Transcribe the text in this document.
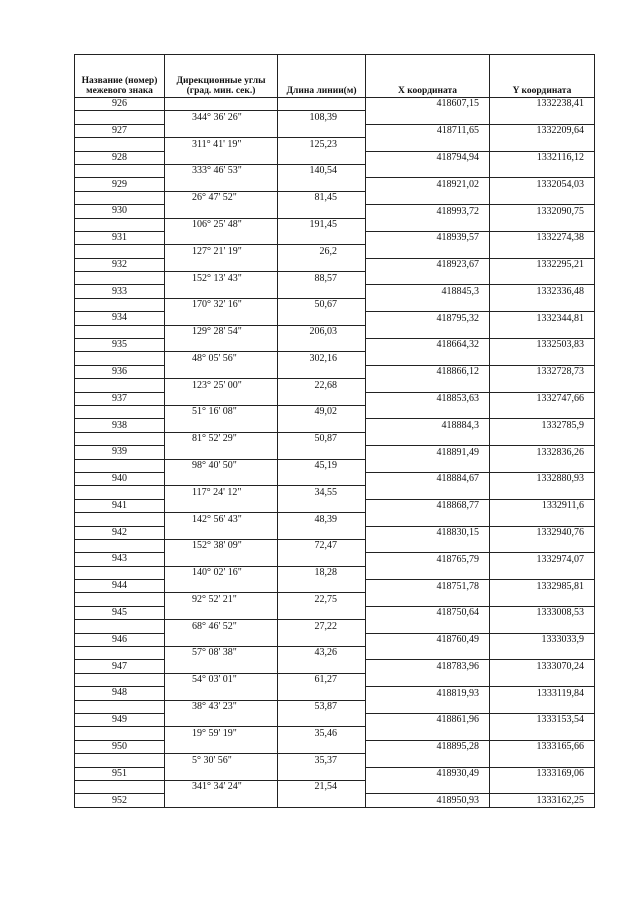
Название (номер) межевого знака	Дирекционные углы (град. мин. сек.)	Длина линии(м)	X координата	Y координата
926			418607,15	1332238,41
	344° 36' 26"	108,39		
927			418711,65	1332209,64
	311° 41' 19"	125,23		
928			418794,94	1332116,12
	333° 46' 53"	140,54		
929			418921,02	1332054,03
	26° 47' 52"	81,45		
930			418993,72	1332090,75
	106° 25' 48"	191,45		
931			418939,57	1332274,38
	127° 21' 19"	26,2		
932			418923,67	1332295,21
	152° 13' 43"	88,57		
933			418845,3	1332336,48
	170° 32' 16"	50,67		
934			418795,32	1332344,81
	129° 28' 54"	206,03		
935			418664,32	1332503,83
	48° 05' 56"	302,16		
936			418866,12	1332728,73
	123° 25' 00"	22,68		
937			418853,63	1332747,66
	51° 16' 08"	49,02		
938			418884,3	1332785,9
	81° 52' 29"	50,87		
939			418891,49	1332836,26
	98° 40' 50"	45,19		
940			418884,67	1332880,93
	117° 24' 12"	34,55		
941			418868,77	1332911,6
	142° 56' 43"	48,39		
942			418830,15	1332940,76
	152° 38' 09"	72,47		
943			418765,79	1332974,07
	140° 02' 16"	18,28		
944			418751,78	1332985,81
	92° 52' 21"	22,75		
945			418750,64	1333008,53
	68° 46' 52"	27,22		
946			418760,49	1333033,9
	57° 08' 38"	43,26		
947			418783,96	1333070,24
	54° 03' 01"	61,27		
948			418819,93	1333119,84
	38° 43' 23"	53,87		
949			418861,96	1333153,54
	19° 59' 19"	35,46		
950			418895,28	1333165,66
	5° 30' 56"	35,37		
951			418930,49	1333169,06
	341° 34' 24"	21,54		
952			418950,93	1333162,25
